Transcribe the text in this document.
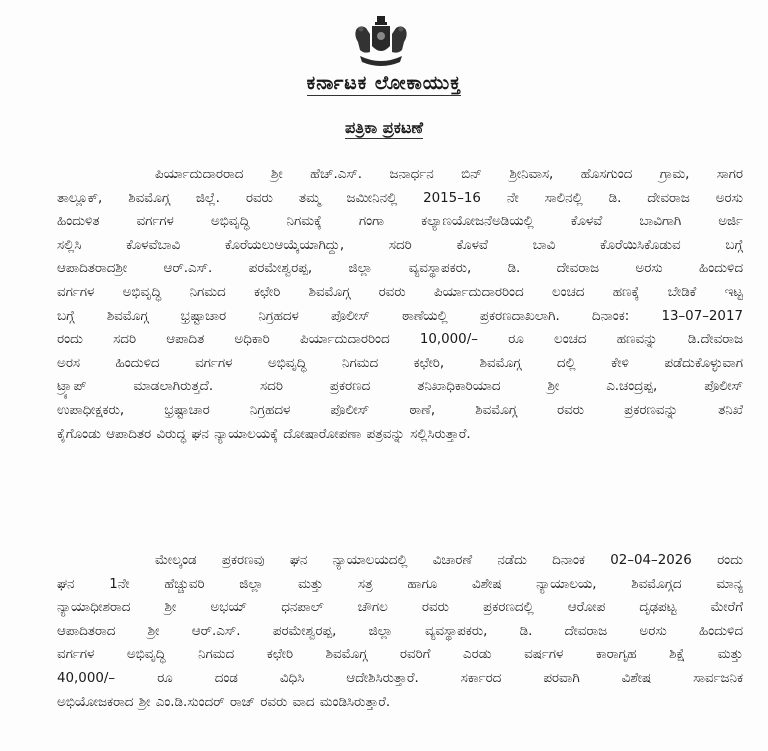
ಕರ್ನಾಟಕ ಲೋಕಾಯುಕ್ತ
ಪತ್ರಿಕಾ ಪ್ರಕಟಣೆ
ಪಿರ್ಯಾದುದಾರರಾದ ಶ್ರೀ ಹೆಚ್.ಎಸ್. ಜನಾರ್ಧನ ಬಿನ್ ಶ್ರೀನಿವಾಸ, ಹೊಸಗುಂದ ಗ್ರಾಮ, ಸಾಗರ
ತಾಲ್ಲೂಕ್, ಶಿವಮೊಗ್ಗ ಜಿಲ್ಲೆ. ರವರು ತಮ್ಮ ಜಮೀನಿನಲ್ಲಿ 2015–16 ನೇ ಸಾಲಿನಲ್ಲಿ ಡಿ. ದೇವರಾಜ ಅರಸು
ಹಿಂದುಳಿತ ವರ್ಗಗಳ ಅಭಿವೃದ್ಧಿ ನಿಗಮಕ್ಕೆ ಗಂಗಾ ಕಲ್ಯಾಣಯೋಜನೆಅಡಿಯಲ್ಲಿ ಕೊಳವೆ ಬಾವಿಗಾಗಿ ಅರ್ಜಿ
ಸಲ್ಲಿಸಿ ಕೊಳವೆಬಾವಿ ಕೊರೆಯಲುಆಯ್ಕೆಯಾಗಿದ್ದು, ಸದರಿ ಕೊಳವೆ ಬಾವಿ ಕೊರೆಯಿಸಿಕೊಡುವ ಬಗ್ಗೆ
ಆಪಾದಿತರಾದಶ್ರೀ ಆರ್.ಎಸ್. ಪರಮೇಶ್ವರಪ್ಪ, ಜಿಲ್ಲಾ ವ್ಯವಸ್ಥಾಪಕರು, ಡಿ. ದೇವರಾಜ ಅರಸು ಹಿಂದುಳಿದ
ವರ್ಗಗಳ ಅಭಿವೃದ್ಧಿ ನಿಗಮದ ಕಛೇರಿ ಶಿವಮೊಗ್ಗ ರವರು ಪಿರ್ಯಾದುದಾರರಿಂದ ಲಂಚದ ಹಣಕ್ಕೆ ಬೇಡಿಕೆ ಇಟ್ಟ
ಬಗ್ಗೆ ಶಿವಮೊಗ್ಗ ಭ್ರಷ್ಟಾಚಾರ ನಿಗ್ರಹದಳ ಪೊಲೀಸ್ ಠಾಣೆಯಲ್ಲಿ ಪ್ರಕರಣದಾಖಲಾಗಿ. ದಿನಾಂಕ: 13–07–2017
ರಂದು ಸದರಿ ಆಪಾದಿತ ಅಧಿಕಾರಿ ಪಿರ್ಯಾದುದಾರರಿಂದ 10,000/– ರೂ ಲಂಚದ ಹಣವನ್ನು ಡಿ.ದೇವರಾಜ
ಅರಸ ಹಿಂದುಳಿದ ವರ್ಗಗಳ ಅಭಿವೃದ್ಧಿ ನಿಗಮದ ಕಛೇರಿ, ಶಿವಮೊಗ್ಗ ದಲ್ಲಿ ಕೇಳಿ ಪಡೆದುಕೊಳ್ಳುವಾಗ
ಟ್ರ್ಯಾಪ್ ಮಾಡಲಾಗಿರುತ್ತದೆ. ಸದರಿ ಪ್ರಕರಣದ ತನಿಖಾಧಿಕಾರಿಯಾದ ಶ್ರೀ ಎ.ಚಂದ್ರಪ್ಪ, ಪೊಲೀಸ್
ಉಪಾಧೀಕ್ಷಕರು, ಭ್ರಷ್ಟಾಚಾರ ನಿಗ್ರಹದಳ ಪೊಲೀಸ್ ಠಾಣೆ, ಶಿವಮೊಗ್ಗ ರವರು ಪ್ರಕರಣವನ್ನು ತನಿಖೆ
ಕೈಗೊಂಡು ಆಪಾದಿತರ ವಿರುದ್ಧ ಘನ ನ್ಯಾಯಾಲಯಕ್ಕೆ ದೋಷಾರೋಪಣಾ ಪತ್ರವನ್ನು ಸಲ್ಲಿಸಿರುತ್ತಾರೆ.
ಮೇಲ್ಕಂಡ ಪ್ರಕರಣವು ಘನ ನ್ಯಾಯಾಲಯದಲ್ಲಿ ವಿಚಾರಣೆ ನಡೆದು ದಿನಾಂಕ 02–04–2026 ರಂದು
ಘನ 1ನೇ ಹೆಚ್ಚುವರಿ ಜಿಲ್ಲಾ ಮತ್ತು ಸತ್ರ ಹಾಗೂ ವಿಶೇಷ ನ್ಯಾಯಾಲಯ, ಶಿವಮೊಗ್ಗದ ಮಾನ್ಯ
ನ್ಯಾಯಾಧೀಶರಾದ ಶ್ರೀ ಅಭಯ್ ಧನಪಾಲ್ ಚೌಗಲ ರವರು ಪ್ರಕರಣದಲ್ಲಿ ಆರೋಪ ದೃಢಪಟ್ಟ ಮೇರೆಗೆ
ಆಪಾದಿತರಾದ ಶ್ರೀ ಆರ್.ಎಸ್. ಪರಮೇಶ್ವರಪ್ಪ, ಜಿಲ್ಲಾ ವ್ಯವಸ್ಥಾಪಕರು, ಡಿ. ದೇವರಾಜ ಅರಸು ಹಿಂದುಳಿದ
ವರ್ಗಗಳ ಅಭಿವೃದ್ಧಿ ನಿಗಮದ ಕಛೇರಿ ಶಿವಮೊಗ್ಗ ರವರಿಗೆ ಎರಡು ವರ್ಷಗಳ ಕಾರಾಗೃಹ ಶಿಕ್ಷೆ ಮತ್ತು
40,000/– ರೂ ದಂಡ ವಿಧಿಸಿ ಆದೇಶಿಸಿರುತ್ತಾರೆ. ಸರ್ಕಾರದ ಪರವಾಗಿ ವಿಶೇಷ ಸಾರ್ವಜನಿಕ
ಅಭಿಯೋಜಕರಾದ ಶ್ರೀ ಎಂ.ಡಿ.ಸುಂದರ್ ರಾಜ್ ರವರು ವಾದ ಮಂಡಿಸಿರುತ್ತಾರೆ.
